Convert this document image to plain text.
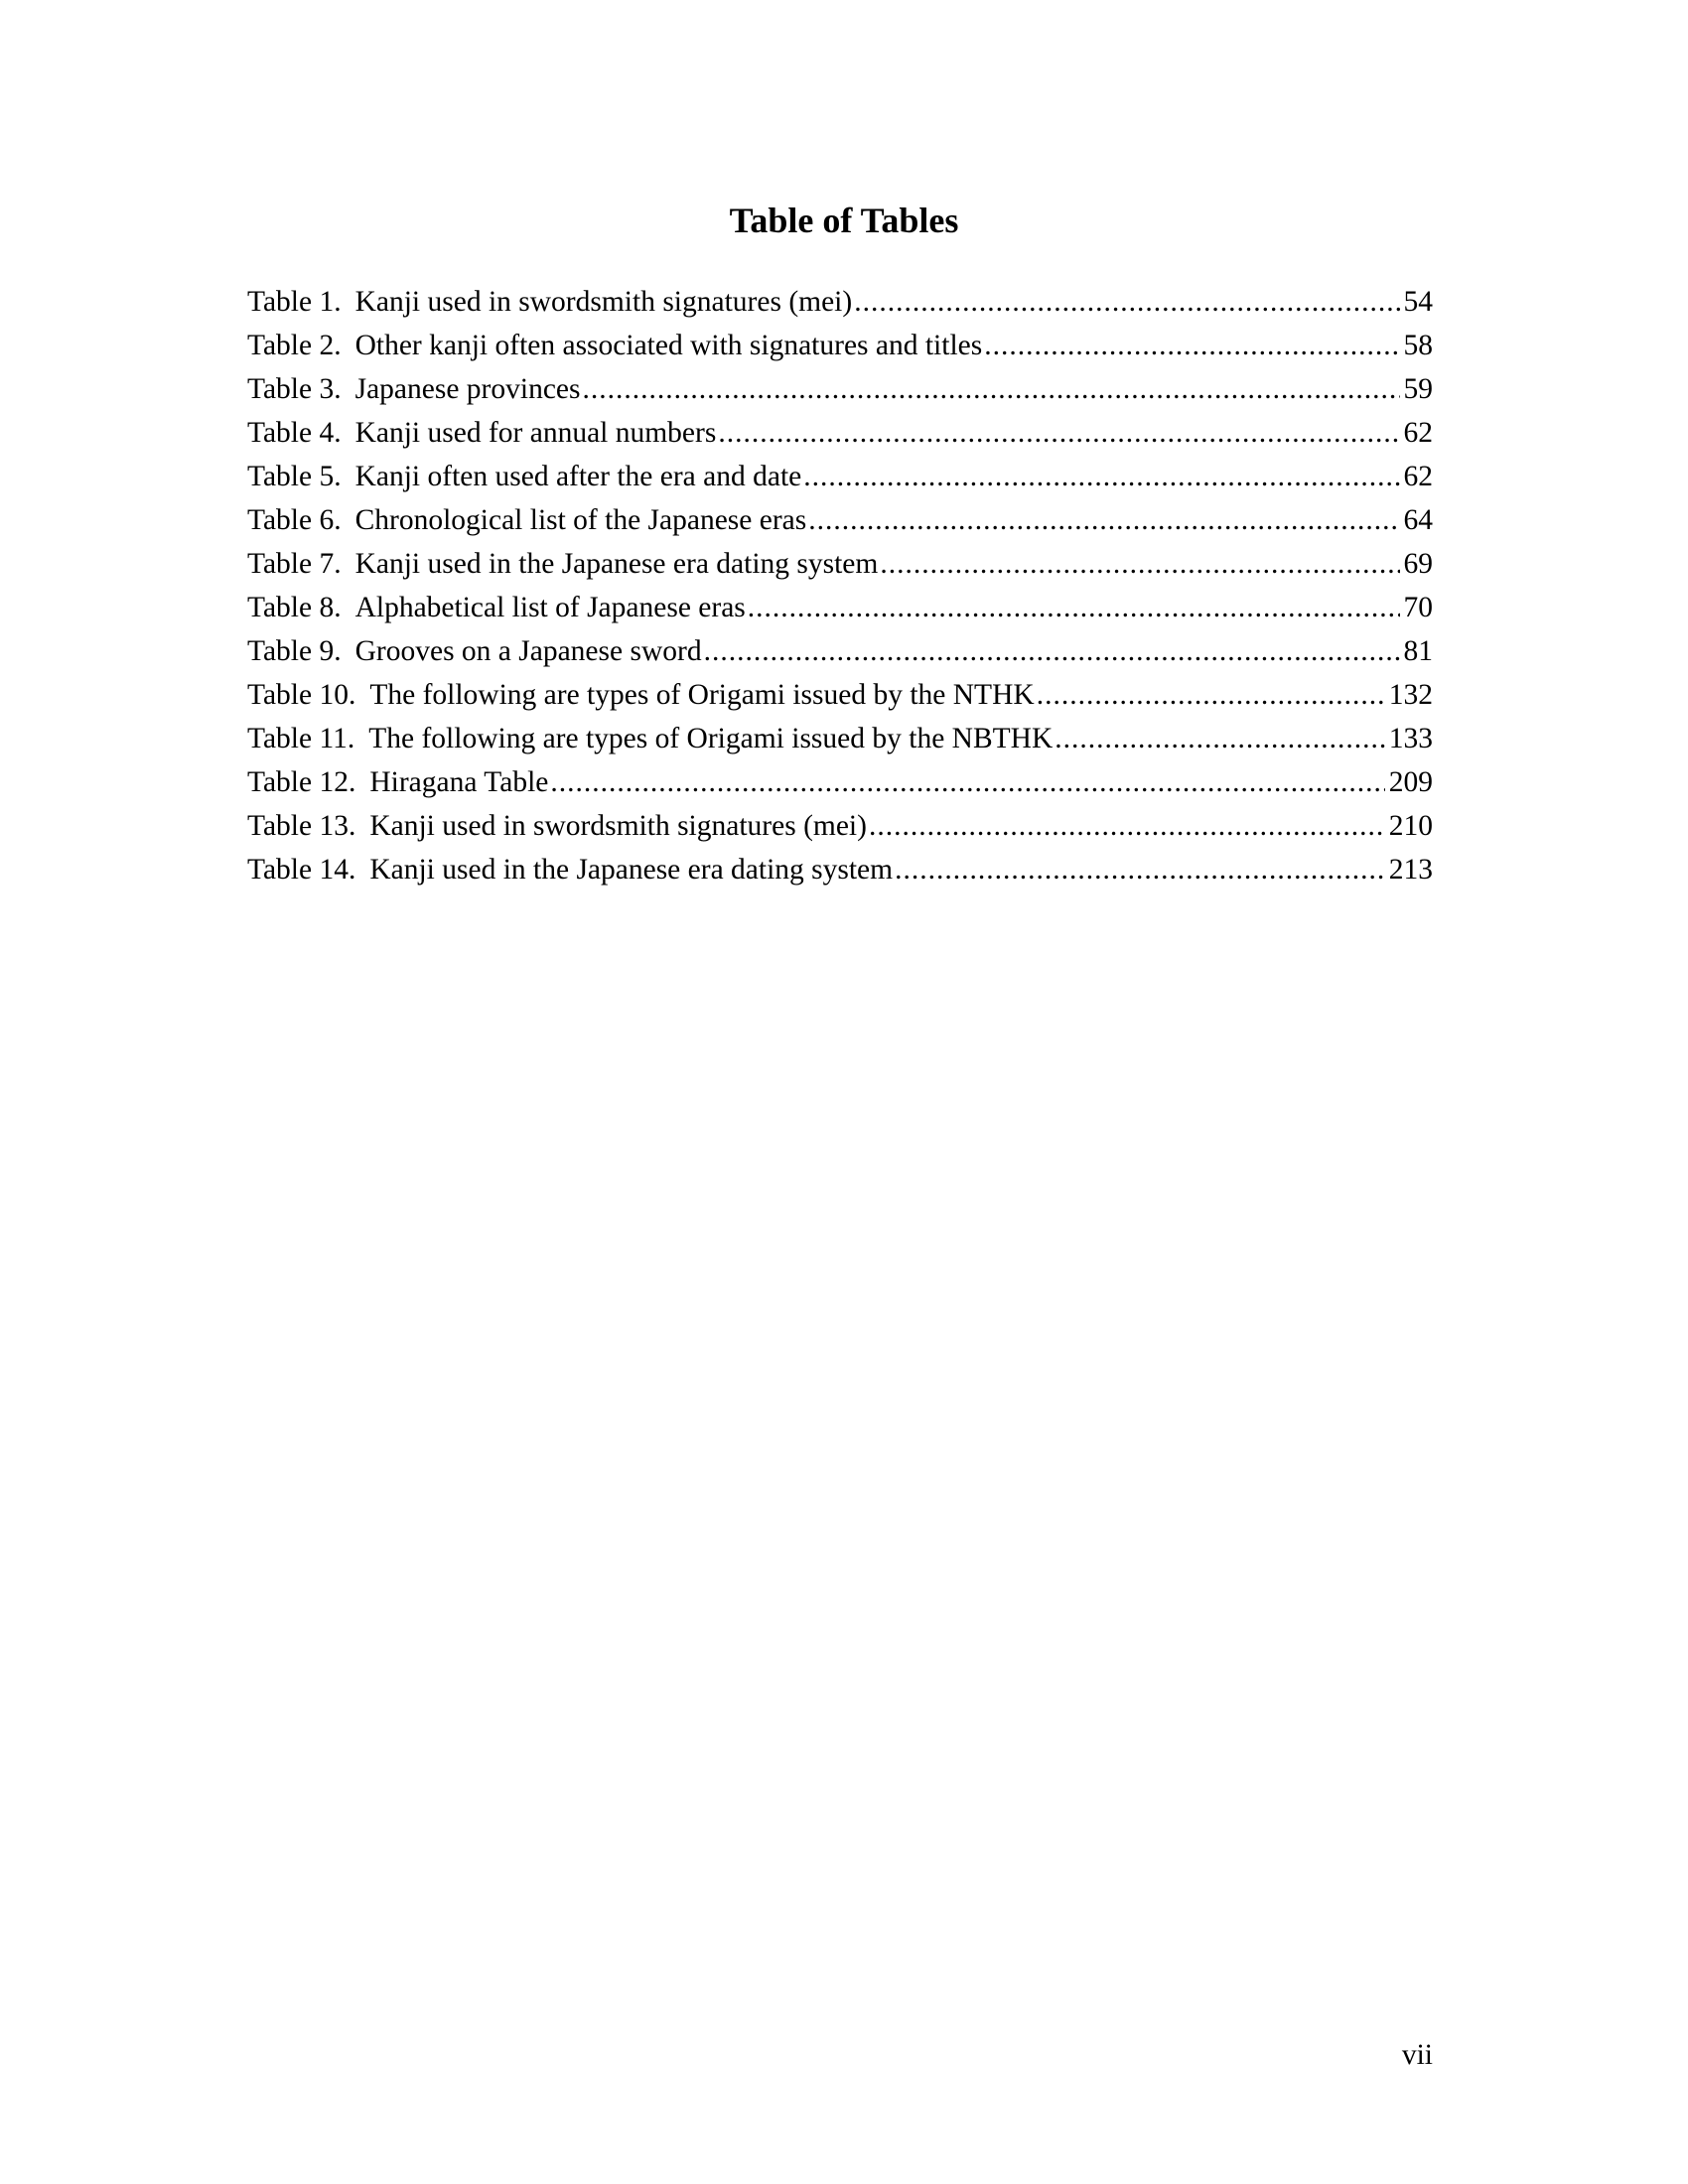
Table of Tables
Table 1. Kanji used in swordsmith signatures (mei) .....	54
Table 2. Other kanji often associated with signatures and titles .....	58
Table 3. Japanese provinces .....	59
Table 4. Kanji used for annual numbers .....	62
Table 5. Kanji often used after the era and date .....	62
Table 6. Chronological list of the Japanese eras .....	64
Table 7. Kanji used in the Japanese era dating system .....	69
Table 8. Alphabetical list of Japanese eras .....	70
Table 9. Grooves on a Japanese sword .....	81
Table 10. The following are types of Origami issued by the NTHK .....	132
Table 11. The following are types of Origami issued by the NBTHK .....	133
Table 12. Hiragana Table .....	209
Table 13. Kanji used in swordsmith signatures (mei) .....	210
Table 14. Kanji used in the Japanese era dating system .....	213
vii
